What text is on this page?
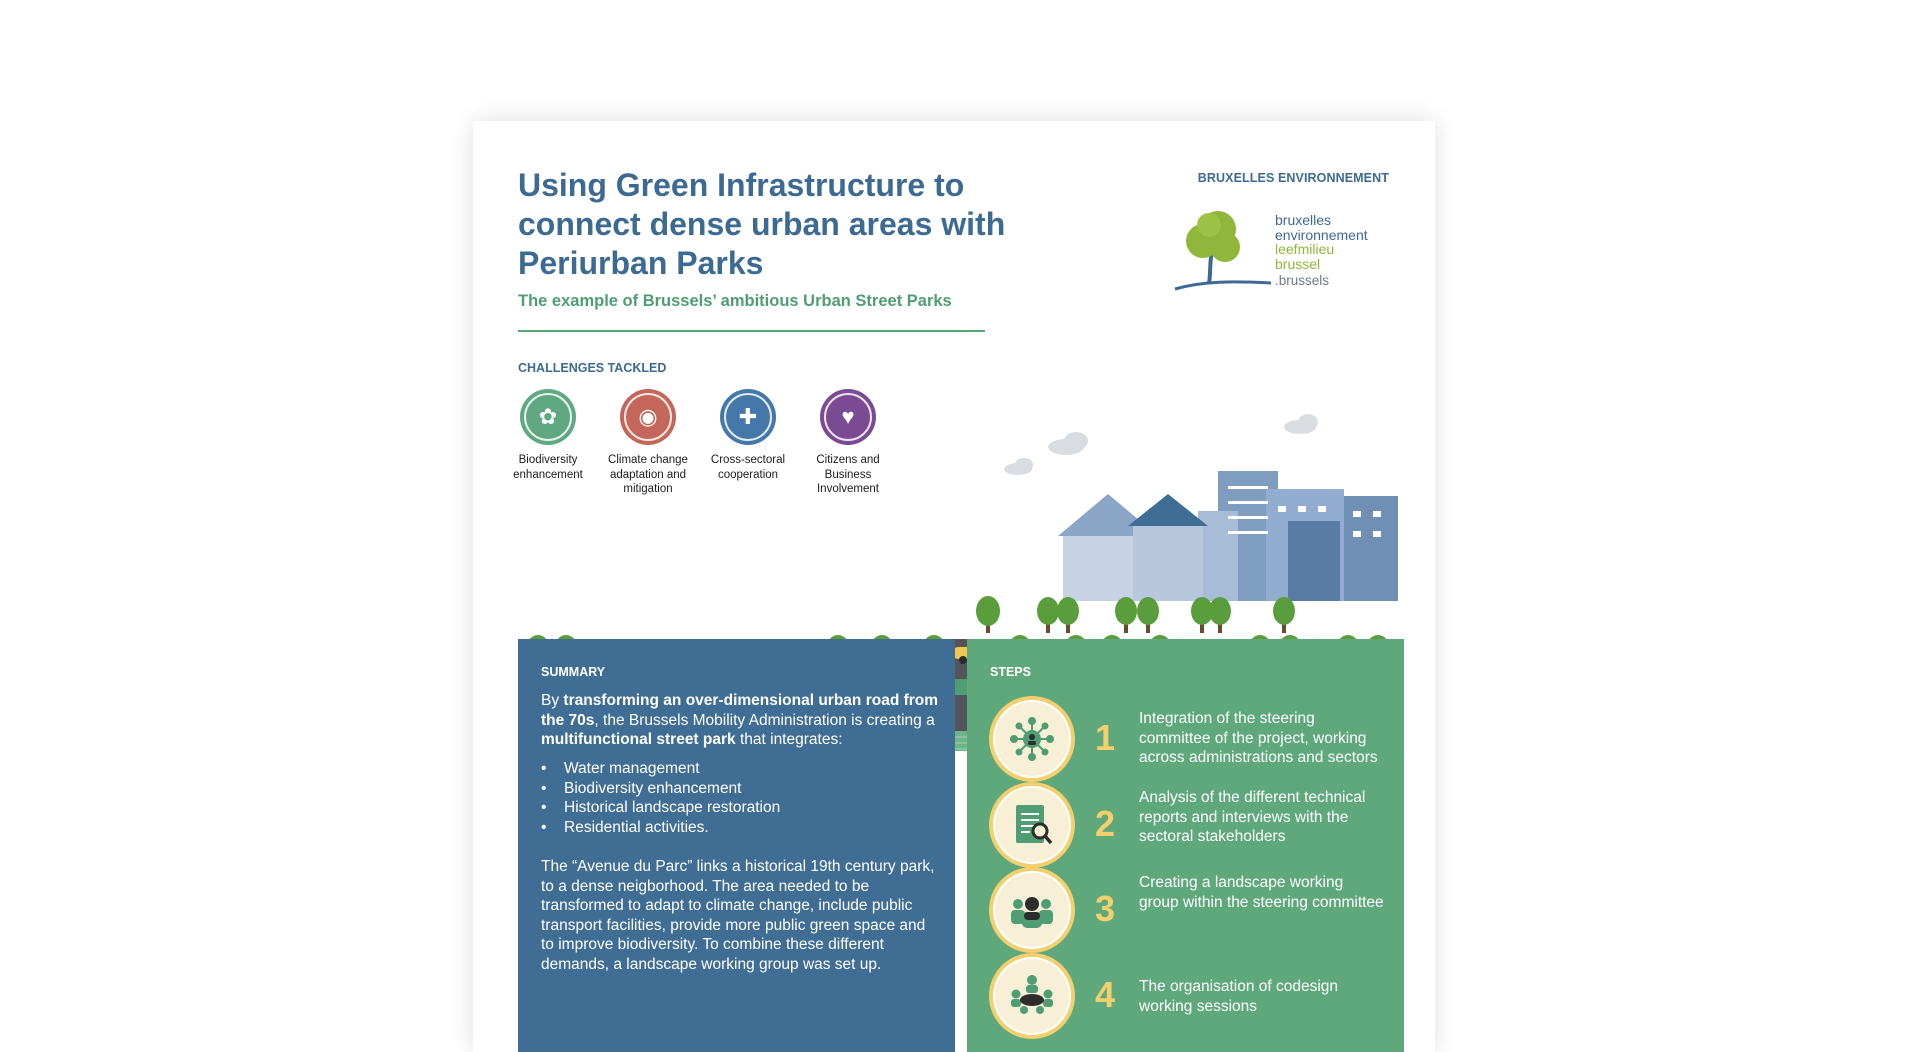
Using Green Infrastructure to connect dense urban areas with Periurban Parks

The example of Brussels’ ambitious Urban Street Parks

BRUXELLES ENVIRONNEMENT
bruxelles
environnement
leefmilieu
brussel
.brussels
CHALLENGES TACKLED
✿
Biodiversity enhancement
◉
Climate change adaptation and mitigation
✚
Cross-sectoral cooperation
♥
Citizens and Business Involvement
SUMMARY

By transforming an over-dimensional urban road from the 70s, the Brussels Mobility Administration is creating a multifunctional street park that integrates:

• Water management
• Biodiversity enhancement
• Historical landscape restoration
• Residential activities.

The “Avenue du Parc” links a historical 19th century park, to a dense neigborhood. The area needed to be transformed to adapt to climate change, include public transport facilities, provide more public green space and to improve biodiversity. To combine these different demands, a landscape working group was set up.

STEPS
1 Integration of the steering committee of the project, working across administrations and sectors
2
Analysis of the different technical reports and interviews with the sectoral stakeholders
3
Creating a landscape working group within the steering committee
4 The organisation of codesign working sessions
